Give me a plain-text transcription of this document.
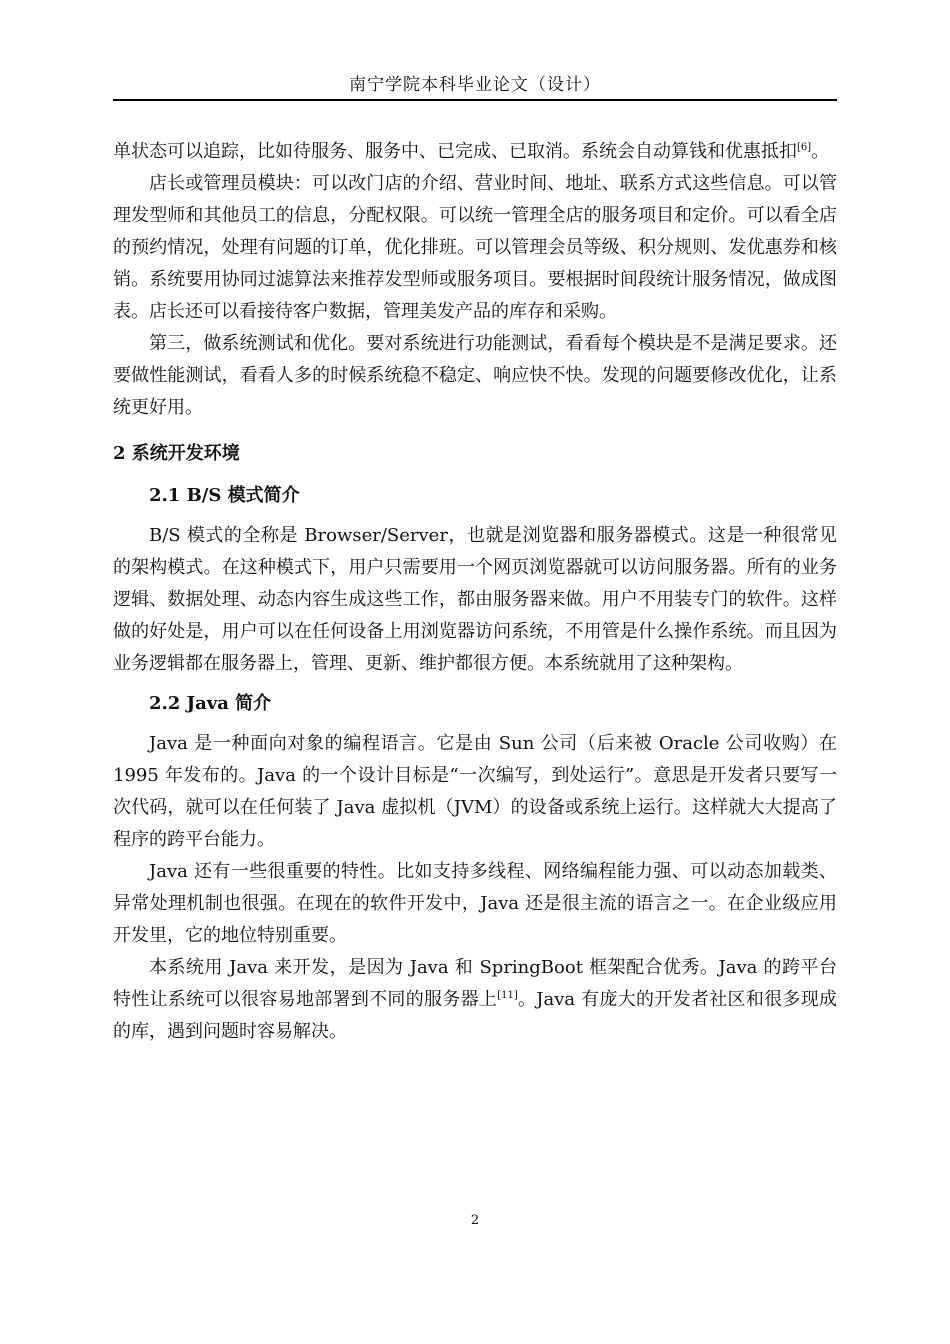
南宁学院本科毕业论文（设计）

单状态可以追踪，比如待服务、服务中、已完成、已取消。系统会自动算钱和优惠抵扣[6]。

店长或管理员模块：可以改门店的介绍、营业时间、地址、联系方式这些信息。可以管理发型师和其他员工的信息，分配权限。可以统一管理全店的服务项目和定价。可以看全店的预约情况，处理有问题的订单，优化排班。可以管理会员等级、积分规则、发优惠券和核销。系统要用协同过滤算法来推荐发型师或服务项目。要根据时间段统计服务情况，做成图表。店长还可以看接待客户数据，管理美发产品的库存和采购。

第三，做系统测试和优化。要对系统进行功能测试，看看每个模块是不是满足要求。还要做性能测试，看看人多的时候系统稳不稳定、响应快不快。发现的问题要修改优化，让系统更好用。

2 系统开发环境
2.1 B/S 模式简介

B/S 模式的全称是 Browser/Server，也就是浏览器和服务器模式。这是一种很常见的架构模式。在这种模式下，用户只需要用一个网页浏览器就可以访问服务器。所有的业务逻辑、数据处理、动态内容生成这些工作，都由服务器来做。用户不用装专门的软件。这样做的好处是，用户可以在任何设备上用浏览器访问系统，不用管是什么操作系统。而且因为业务逻辑都在服务器上，管理、更新、维护都很方便。本系统就用了这种架构。

2.2 Java 简介

Java 是一种面向对象的编程语言。它是由 Sun 公司（后来被 Oracle 公司收购）在 1995 年发布的。Java 的一个设计目标是“一次编写，到处运行”。意思是开发者只要写一次代码，就可以在任何装了 Java 虚拟机（JVM）的设备或系统上运行。这样就大大提高了程序的跨平台能力。

Java 还有一些很重要的特性。比如支持多线程、网络编程能力强、可以动态加载类、异常处理机制也很强。在现在的软件开发中，Java 还是很主流的语言之一。在企业级应用开发里，它的地位特别重要。

本系统用 Java 来开发，是因为 Java 和 SpringBoot 框架配合优秀。Java 的跨平台特性让系统可以很容易地部署到不同的服务器上[11]。Java 有庞大的开发者社区和很多现成的库，遇到问题时容易解决。

2
